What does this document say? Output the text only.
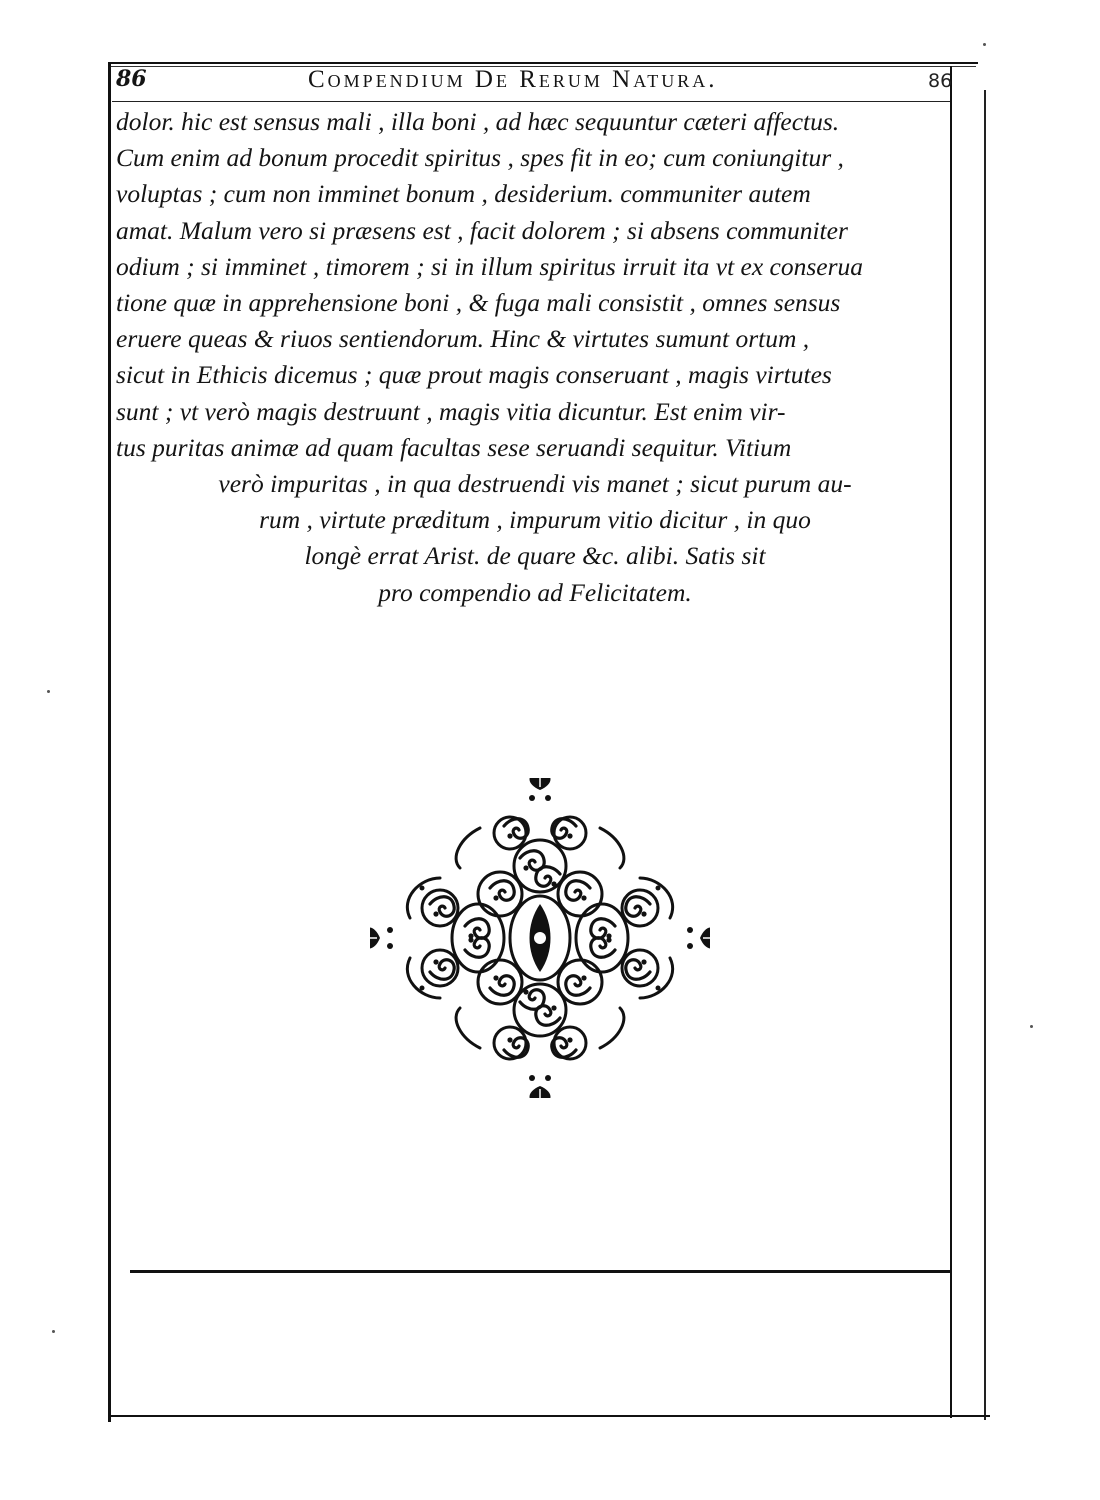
86	Compendium De Rerum Natura.	86
dolor. hic est sensus mali , illa boni , ad hæc sequuntur cæteri affectus.
Cum enim ad bonum procedit spiritus , spes fit in eo; cum coniungitur ,
voluptas ; cum non imminet bonum , desiderium. communiter autem
amat. Malum vero si præsens est , facit dolorem ; si absens communiter
odium ; si imminet , timorem ; si in illum spiritus irruit ita vt ex conserua
tione quæ in apprehensione boni , & fuga mali consistit , omnes sensus
eruere queas & riuos sentiendorum. Hinc & virtutes sumunt ortum ,
sicut in Ethicis dicemus ; quæ prout magis conseruant , magis virtutes
sunt ; vt verò magis destruunt , magis vitia dicuntur. Est enim vir-
tus puritas animæ ad quam facultas sese seruandi sequitur. Vitium
verò impuritas , in qua destruendi vis manet ; sicut purum au-
rum , virtute præditum , impurum vitio dicitur , in quo
longè errat Arist. de quare &c. alibi. Satis sit
pro compendio ad Felicitatem.
